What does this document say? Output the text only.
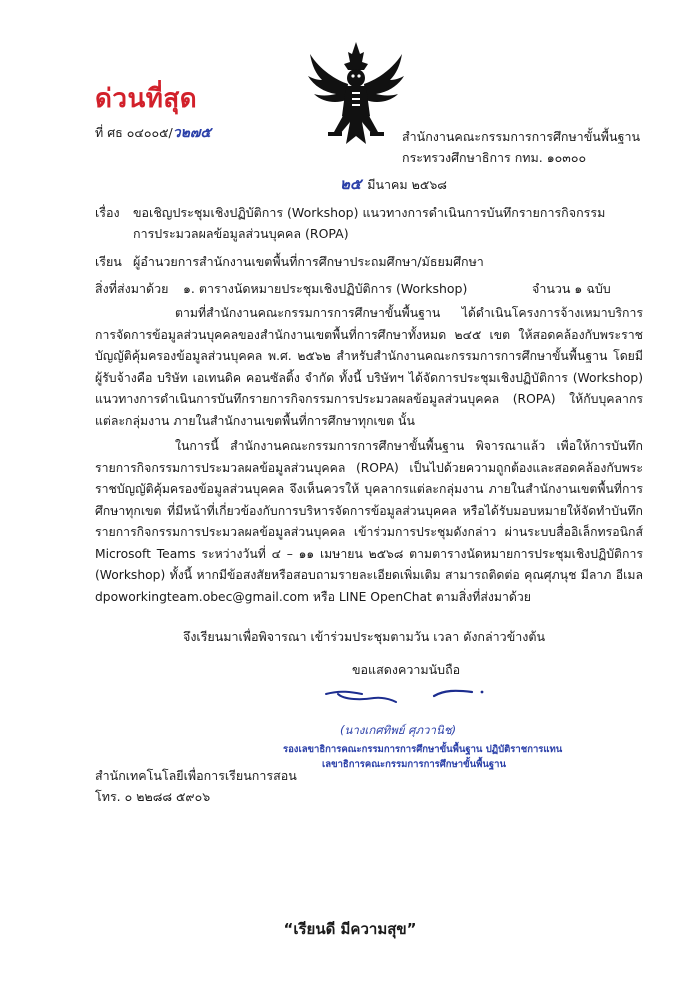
ด่วนที่สุด
ที่ ศธ ๐๔๐๐๕/ว๒๗๕	สำนักงานคณะกรรมการการศึกษาขั้นพื้นฐาน
กระทรวงศึกษาธิการ กทม. ๑๐๓๐๐
๒๕ มีนาคม ๒๕๖๘
เรื่อง ขอเชิญประชุมเชิงปฏิบัติการ (Workshop) แนวทางการดำเนินการบันทึกรายการกิจกรรม
การประมวลผลข้อมูลส่วนบุคคล (ROPA)
เรียน ผู้อำนวยการสำนักงานเขตพื้นที่การศึกษาประถมศึกษา/มัธยมศึกษา
สิ่งที่ส่งมาด้วย ๑. ตารางนัดหมายประชุมเชิงปฏิบัติการ (Workshop)	จำนวน ๑ ฉบับ
ตามที่สำนักงานคณะกรรมการการศึกษาขั้นพื้นฐาน ได้ดำเนินโครงการจ้างเหมาบริการการจัดการข้อมูลส่วนบุคคลของสำนักงานเขตพื้นที่การศึกษาทั้งหมด ๒๔๕ เขต ให้สอดคล้องกับพระราชบัญญัติคุ้มครองข้อมูลส่วนบุคคล พ.ศ. ๒๕๖๒ สำหรับสำนักงานคณะกรรมการการศึกษาขั้นพื้นฐาน โดยมีผู้รับจ้างคือ บริษัท เอเทนดิค คอนซัลติ้ง จำกัด ทั้งนี้ บริษัทฯ ได้จัดการประชุมเชิงปฏิบัติการ (Workshop) แนวทางการดำเนินการบันทึกรายการกิจกรรมการประมวลผลข้อมูลส่วนบุคคล (ROPA) ให้กับบุคลากรแต่ละกลุ่มงาน ภายในสำนักงานเขตพื้นที่การศึกษาทุกเขต นั้น
ในการนี้ สำนักงานคณะกรรมการการศึกษาขั้นพื้นฐาน พิจารณาแล้ว เพื่อให้การบันทึกรายการกิจกรรมการประมวลผลข้อมูลส่วนบุคคล (ROPA) เป็นไปด้วยความถูกต้องและสอดคล้องกับพระราชบัญญัติคุ้มครองข้อมูลส่วนบุคคล จึงเห็นควรให้ บุคลากรแต่ละกลุ่มงาน ภายในสำนักงานเขตพื้นที่การศึกษาทุกเขต ที่มีหน้าที่เกี่ยวข้องกับการบริหารจัดการข้อมูลส่วนบุคคล หรือได้รับมอบหมายให้จัดทำบันทึกรายการกิจกรรมการประมวลผลข้อมูลส่วนบุคคล เข้าร่วมการประชุมดังกล่าว ผ่านระบบสื่ออิเล็กทรอนิกส์ Microsoft Teams ระหว่างวันที่ ๔ – ๑๑ เมษายน ๒๕๖๘ ตามตารางนัดหมายการประชุมเชิงปฏิบัติการ (Workshop) ทั้งนี้ หากมีข้อสงสัยหรือสอบถามรายละเอียดเพิ่มเติม สามารถติดต่อ คุณศุภนุช มีลาภ อีเมล dpoworkingteam.obec@gmail.com หรือ LINE OpenChat ตามสิ่งที่ส่งมาด้วย
จึงเรียนมาเพื่อพิจารณา เข้าร่วมประชุมตามวัน เวลา ดังกล่าวข้างต้น
ขอแสดงความนับถือ
(นางเกศทิพย์ ศุภวานิช)
รองเลขาธิการคณะกรรมการการศึกษาขั้นพื้นฐาน ปฏิบัติราชการแทน
เลขาธิการคณะกรรมการการศึกษาขั้นพื้นฐาน
สำนักเทคโนโลยีเพื่อการเรียนการสอน
โทร. ๐ ๒๒๘๘ ๕๙๐๖
“เรียนดี มีความสุข”
